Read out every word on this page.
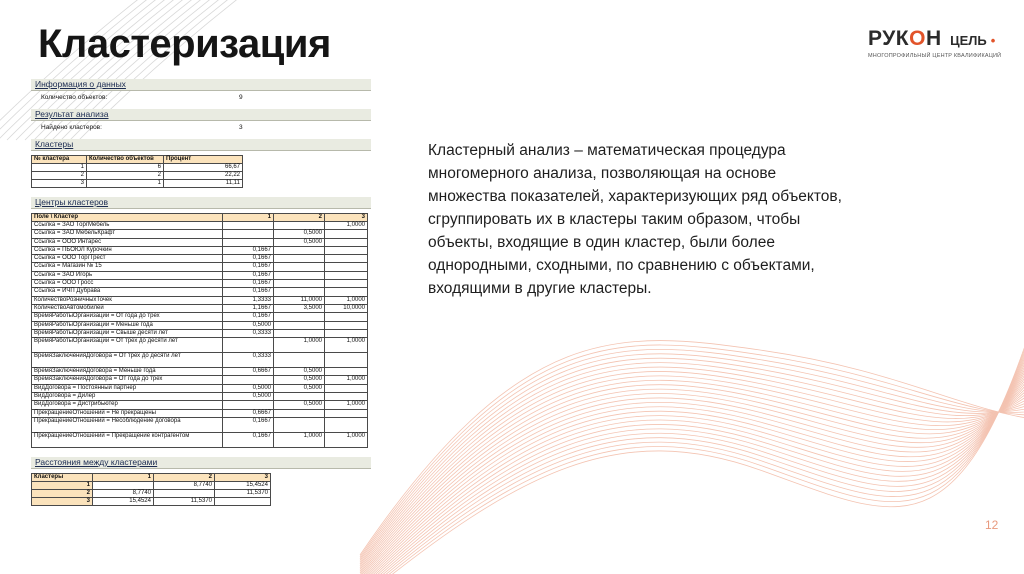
Кластеризация	РУКОН ЦЕЛЬ •
МНОГОПРОФИЛЬНЫЙ ЦЕНТР КВАЛИФИКАЦИЙ
Информация о данных
Количество объектов:	9
Результат анализа
Найдено кластеров:	3
Кластеры
№ кластера	Количество объектов	Процент
1	6	66,67
2	2	22,22
3	1	11,11
Центры кластеров
Поле \ Кластер	1	2	3
Ссылка = ЗАО ТоргМебель			1,0000
Ссылка = ЗАО МебельКрафт		0,5000	
Ссылка = ООО Интарес		0,5000	
Ссылка = ПБОЮЛ Курочкин	0,1667		
Ссылка = ООО ТоргТрест	0,1667		
Ссылка = Магазин № 15	0,1667		
Ссылка = ЗАО Игорь	0,1667		
Ссылка = ООО Гросс	0,1667		
Ссылка = ИЧП Дубрава	0,1667		
КоличествоРозничныхТочек	1,3333	11,0000	1,0000
КоличествоАвтомобилей	1,1667	3,5000	10,0000
ВремяРаботыОрганизации = От года до трех	0,1667		
ВремяРаботыОрганизации = Меньше года	0,5000		
ВремяРаботыОрганизации = Свыше десяти лет	0,3333		
ВремяРаботыОрганизации = От трех до десяти лет		1,0000	1,0000
ВремяЗаключенияДоговора = От трех до десяти лет	0,3333		
ВремяЗаключенияДоговора = Меньше года	0,6667	0,5000	
ВремяЗаключенияДоговора = От года до трех		0,5000	1,0000
ВидДоговора = Постоянный партнер	0,5000	0,5000	
ВидДоговора = Дилер	0,5000		
ВидДоговора = Дистрибьютер		0,5000	1,0000
ПрекращениеОтношений = Не прекращены	0,6667		
ПрекращениеОтношений = Несоблюдение договора	0,1667		
ПрекращениеОтношений = Прекращение контрагентом	0,1667	1,0000	1,0000
Расстояния между кластерами
Кластеры	1	2	3
1		8,7740	15,4524
2	8,7740		11,5370
3	15,4524	11,5370	

Кластерный анализ – математическая процедура многомерного анализа, позволяющая на основе множества показателей, характеризующих ряд объектов, сгруппировать их в кластеры таким образом, чтобы объекты, входящие в один кластер, были более однородными, сходными, по сравнению с объектами, входящими в другие кластеры.

12
